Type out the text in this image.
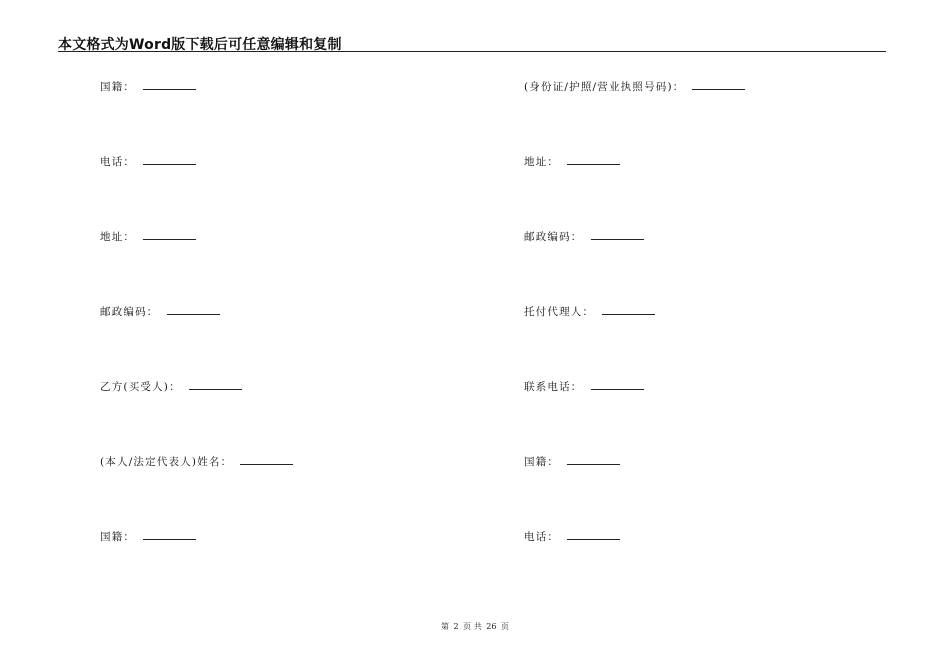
本文格式为Word版下载后可任意编辑和复制
国籍：
电话：
地址：
邮政编码：
乙方(买受人)：
(本人/法定代表人)姓名：
国籍：
(身份证/护照/营业执照号码)：
地址：
邮政编码：
托付代理人：
联系电话：
国籍：
电话：
第 2 页 共 26 页
